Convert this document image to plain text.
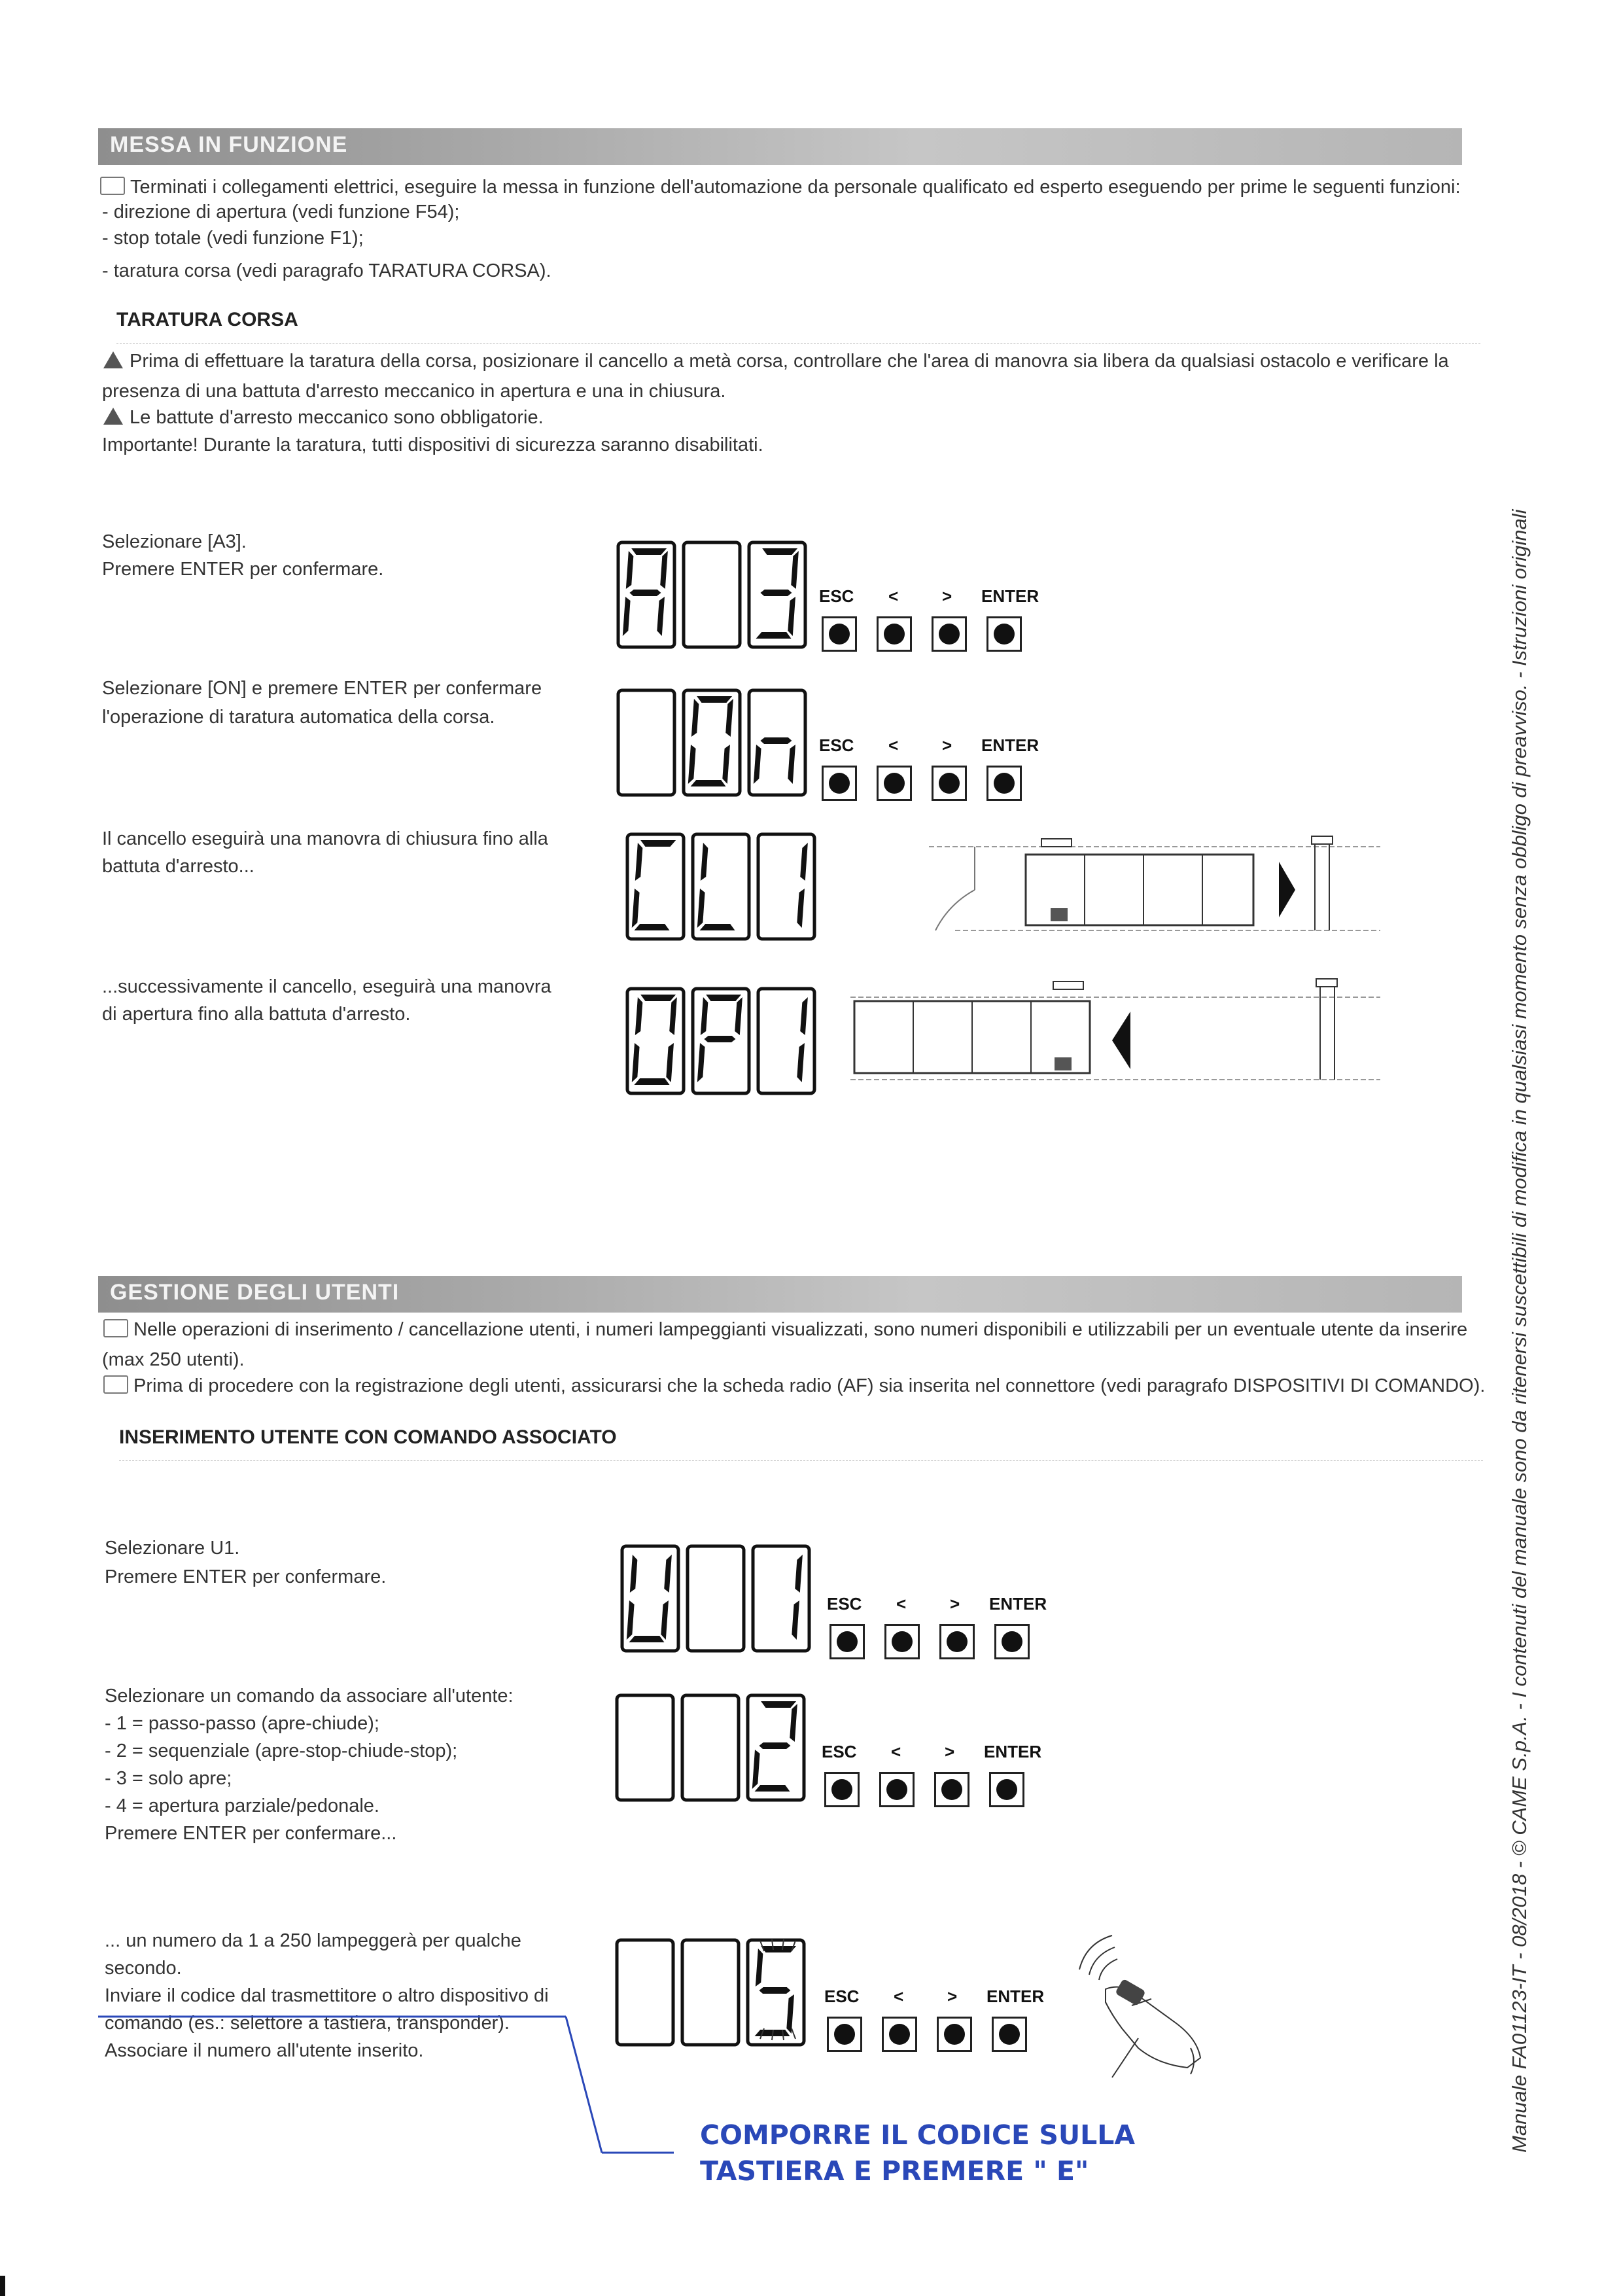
MESSA IN FUNZIONE
Terminati i collegamenti elettrici, eseguire la messa in funzione dell'automazione da personale qualificato ed esperto eseguendo per prime le seguenti funzioni:
- direzione di apertura (vedi funzione F54);
- stop totale (vedi funzione F1);
- taratura corsa (vedi paragrafo TARATURA CORSA).
TARATURA CORSA
Prima di effettuare la taratura della corsa, posizionare il cancello a metà corsa, controllare che l'area di manovra sia libera da qualsiasi ostacolo e verificare la
presenza di una battuta d'arresto meccanico in apertura e una in chiusura.
Le battute d'arresto meccanico sono obbligatorie.
Importante! Durante la taratura, tutti dispositivi di sicurezza saranno disabilitati.
Selezionare [A3].
Premere ENTER per confermare.
Selezionare [ON] e premere ENTER per confermare
l'operazione di taratura automatica della corsa.
Il cancello eseguirà una manovra di chiusura fino alla
battuta d'arresto...
...successivamente il cancello, eseguirà una manovra
di apertura fino alla battuta d'arresto.
ESC <	> ENTER
ESC <	> ENTER
GESTIONE DEGLI UTENTI
Nelle operazioni di inserimento / cancellazione utenti, i numeri lampeggianti visualizzati, sono numeri disponibili e utilizzabili per un eventuale utente da inserire
(max 250 utenti).
Prima di procedere con la registrazione degli utenti, assicurarsi che la scheda radio (AF) sia inserita nel connettore (vedi paragrafo DISPOSITIVI DI COMANDO).
INSERIMENTO UTENTE CON COMANDO ASSOCIATO
Selezionare U1.
Premere ENTER per confermare.
Selezionare un comando da associare all'utente:
- 1 = passo-passo (apre-chiude);
- 2 = sequenziale (apre-stop-chiude-stop);
- 3 = solo apre;
- 4 = apertura parziale/pedonale.
Premere ENTER per confermare...
... un numero da 1 a 250 lampeggerà per qualche
secondo.
Inviare il codice dal trasmettitore o altro dispositivo di
comando (es.: selettore a tastiera, transponder).
Associare il numero all'utente inserito.
ESC <	> ENTER
ESC <	> ENTER
ESC <	> ENTER
COMPORRE IL CODICE SULLA
TASTIERA E PREMERE " E"
Manuale FA01123-IT - 08/2018 - © CAME S.p.A. - I contenuti del manuale sono da ritenersi suscettibili di modifica in qualsiasi momento senza obbligo di preavviso. - Istruzioni originali
